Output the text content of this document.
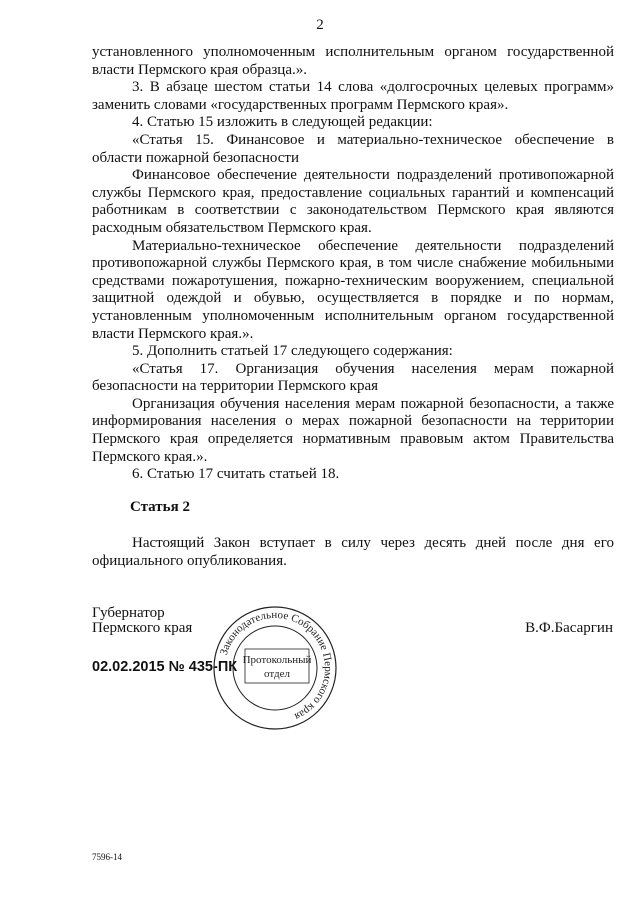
2

установленного уполномоченным исполнительным органом государственной

власти Пермского края образца.».

3. В абзаце шестом статьи 14 слова «долгосрочных целевых программ» заменить словами «государственных программ Пермского края».

4. Статью 15 изложить в следующей редакции:

«Статья 15. Финансовое и материально-техническое обеспечение в области пожарной безопасности

Финансовое обеспечение деятельности подразделений противопожарной службы Пермского края, предоставление социальных гарантий и компенсаций работникам в соответствии с законодательством Пермского края являются расходным обязательством Пермского края.

Материально-техническое обеспечение деятельности подразделений противопожарной службы Пермского края, в том числе снабжение мобильными средствами пожаротушения, пожарно-техническим вооружением, специальной защитной одеждой и обувью, осуществляется в порядке и по нормам, установленным уполномоченным исполнительным органом государственной власти Пермского края.».

5. Дополнить статьей 17 следующего содержания:

«Статья 17. Организация обучения населения мерам пожарной безопасности на территории Пермского края

Организация обучения населения мерам пожарной безопасности, а также информирования населения о мерах пожарной безопасности на территории Пермского края определяется нормативным правовым актом Правительства Пермского края.».

6. Статью 17 считать статьей 18.

Статья 2

Настоящий Закон вступает в силу через десять дней после дня его официального опубликования.

Губернатор
Пермского края	В.Ф.Басаргин
02.02.2015 № 435-ПК
Законодательное Собрание Пермского края
Протокольный
отдел
7596-14
